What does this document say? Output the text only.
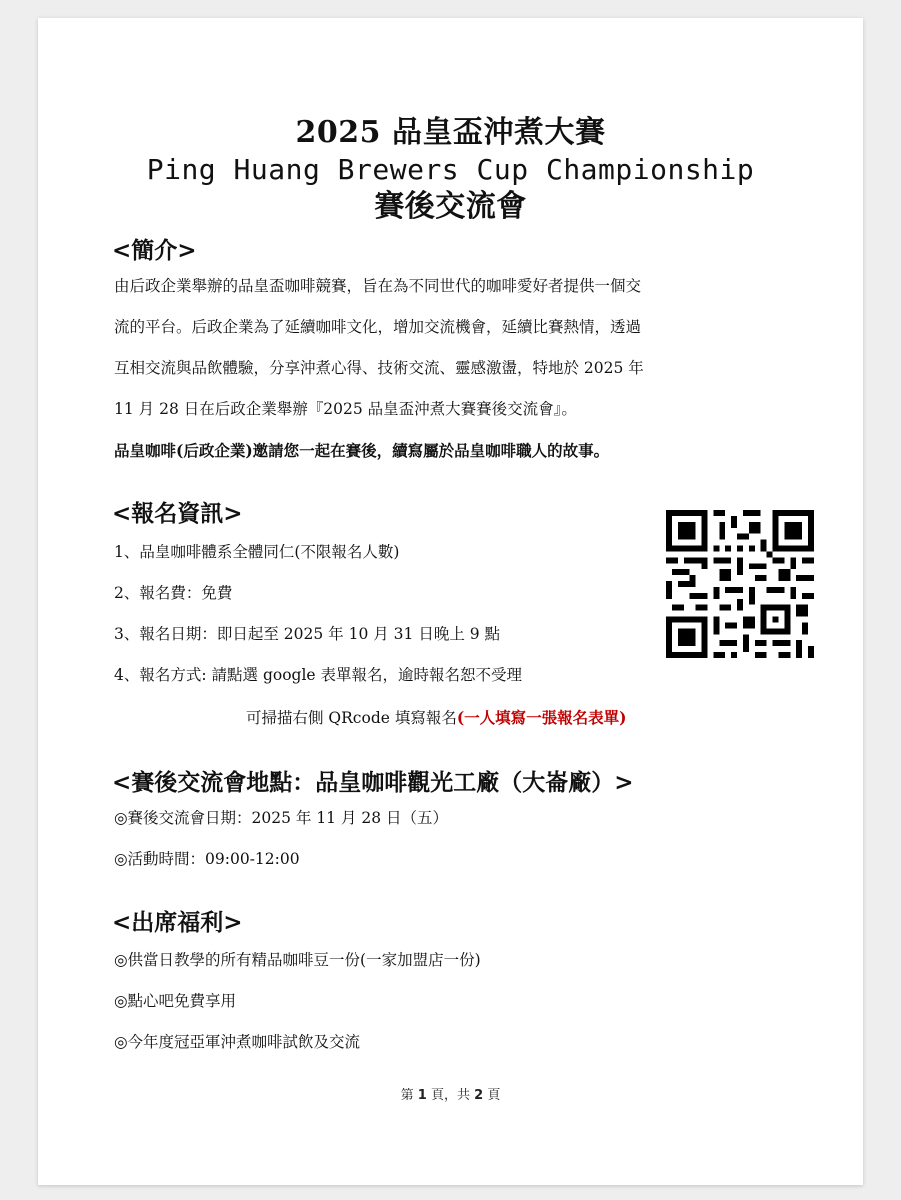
2025 品皇盃沖煮大賽
Ping Huang Brewers Cup Championship
賽後交流會
<簡介>
由后政企業舉辦的品皇盃咖啡競賽，旨在為不同世代的咖啡愛好者提供一個交
流的平台。后政企業為了延續咖啡文化，增加交流機會，延續比賽熱情，透過
互相交流與品飲體驗，分享沖煮心得、技術交流、靈感激盪，特地於 2025 年
11 月 28 日在后政企業舉辦『2025 品皇盃沖煮大賽賽後交流會』。
品皇咖啡(后政企業)邀請您一起在賽後，續寫屬於品皇咖啡職人的故事。
<報名資訊>
1、品皇咖啡體系全體同仁(不限報名人數)
2、報名費：免費
3、報名日期：即日起至 2025 年 10 月 31 日晚上 9 點
4、報名方式: 請點選 google 表單報名，逾時報名恕不受理
可掃描右側 QRcode 填寫報名(一人填寫一張報名表單)
<賽後交流會地點：品皇咖啡觀光工廠（大崙廠）>
◎賽後交流會日期：2025 年 11 月 28 日（五）
◎活動時間：09:00-12:00
<出席福利>
◎供當日教學的所有精品咖啡豆一份(一家加盟店一份)
◎點心吧免費享用
◎今年度冠亞軍沖煮咖啡試飲及交流
第 1 頁，共 2 頁
